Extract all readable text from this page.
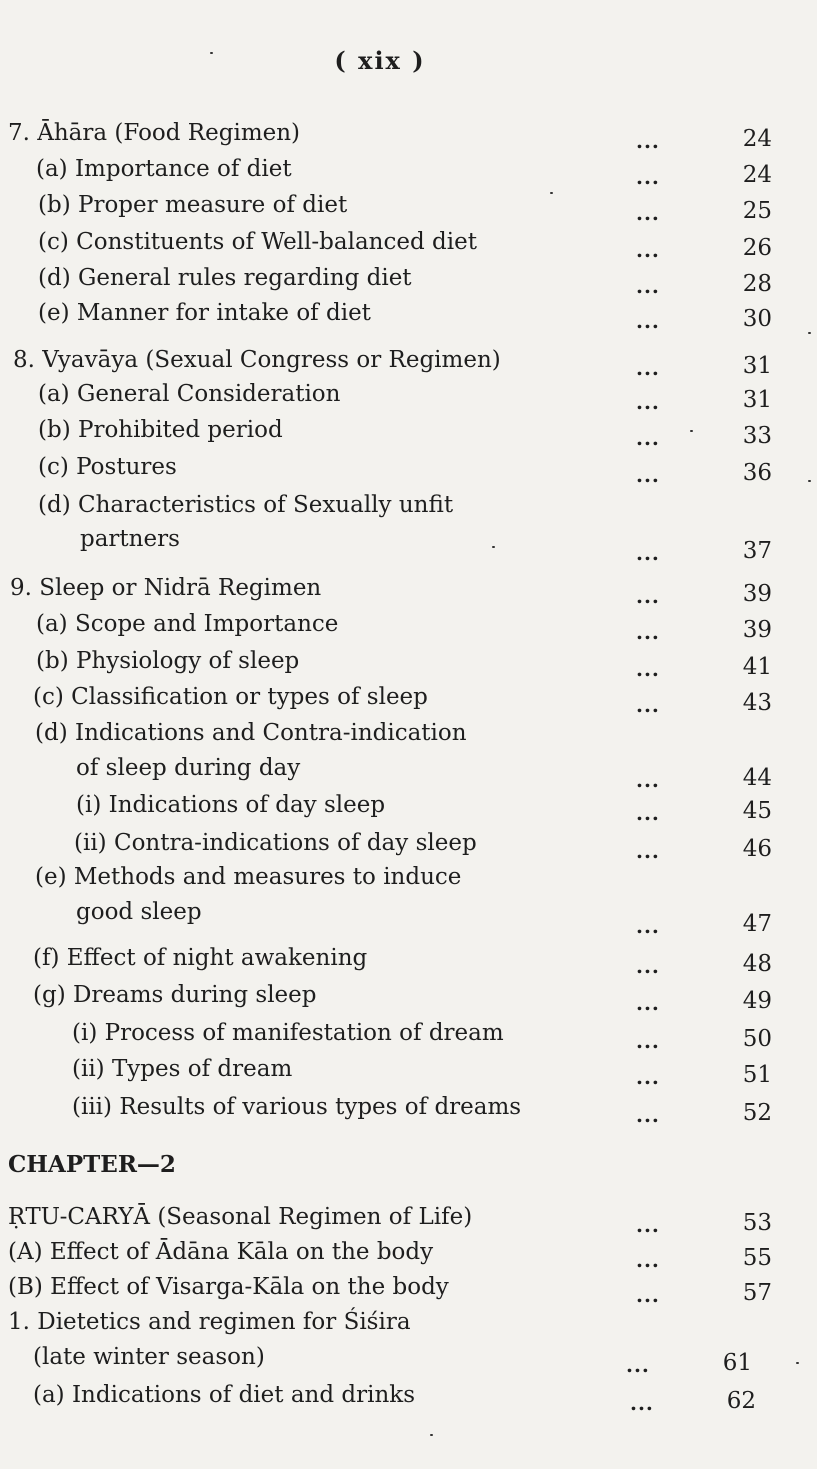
( xix )
7. Āhāra (Food Regimen)	...	24
(a) Importance of diet	...	24
(b) Proper measure of diet	...	25
(c) Constituents of Well-balanced diet	...	26
(d) General rules regarding diet	...	28
(e) Manner for intake of diet	...	30
8. Vyavāya (Sexual Congress or Regimen)	...	31
(a) General Consideration	...	31
(b) Prohibited period	...	33
(c) Postures	...	36
(d) Characteristics of Sexually unfit
partners
...	37
9. Sleep or Nidrā Regimen	...	39
(a) Scope and Importance	...	39
(b) Physiology of sleep	...	41
(c) Classification or types of sleep	...	43
(d) Indications and Contra-indication
of sleep during day	...	44
(i) Indications of day sleep	...	45
(ii) Contra-indications of day sleep	...	46
(e) Methods and measures to induce
good sleep
...	47
(f) Effect of night awakening	...	48
(g) Dreams during sleep	...	49
(i) Process of manifestation of dream	...	50
(ii) Types of dream	...	51
(iii) Results of various types of dreams	...	52
CHAPTER—2
ṚTU-CARYĀ (Seasonal Regimen of Life)	...	53
(A) Effect of Ādāna Kāla on the body	...	55
(B) Effect of Visarga-Kāla on the body	...	57
1. Dietetics and regimen for Śiśira
(late winter season)	...	61
(a) Indications of diet and drinks	...	62
